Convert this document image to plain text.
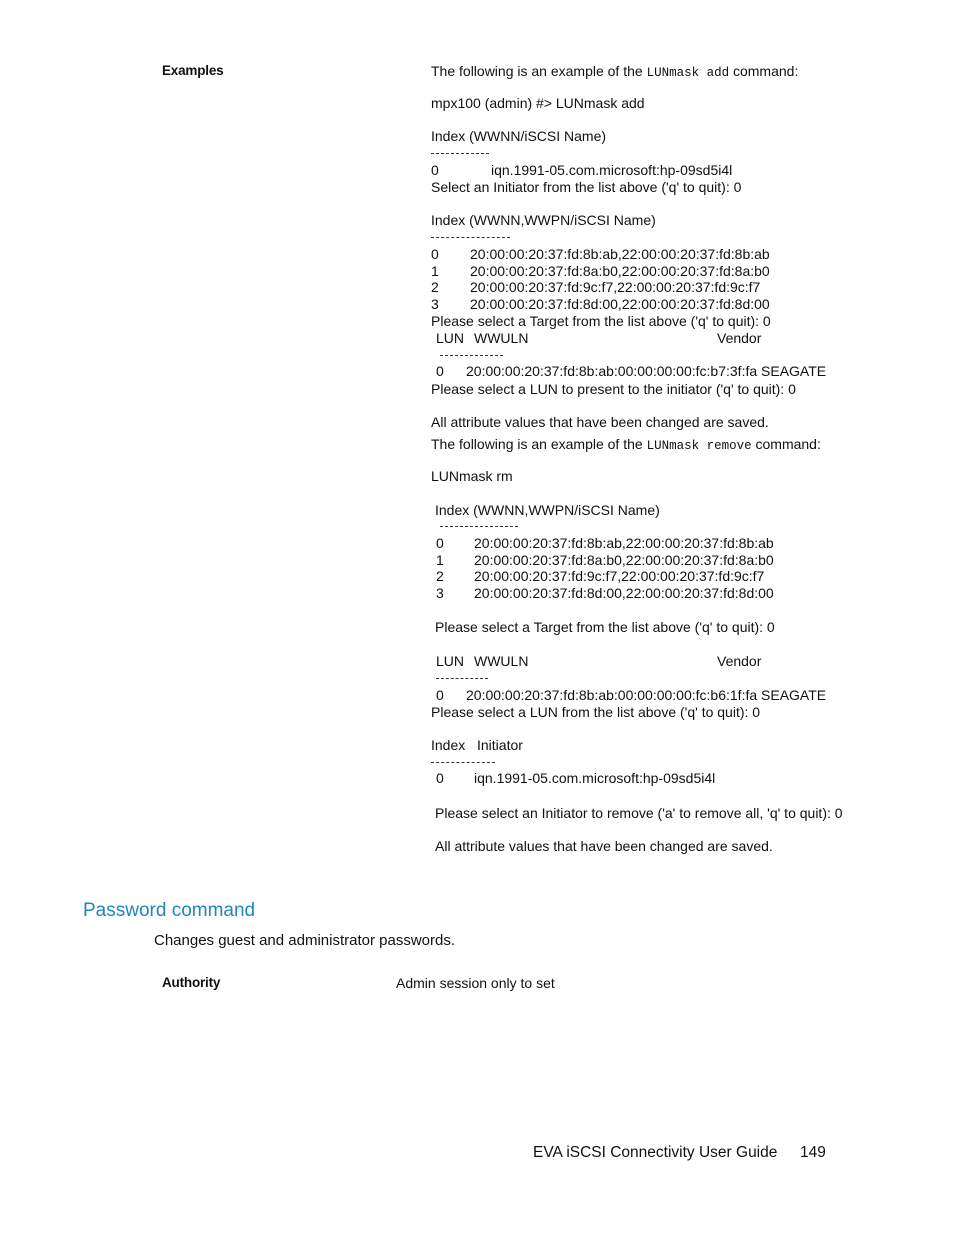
Examples	The following is an example of the LUNmask add command:
mpx100 (admin) #> LUNmask add
Index (WWNN/iSCSI Name)
0	iqn.1991-05.com.microsoft:hp-09sd5i4l
Select an Initiator from the list above ('q' to quit): 0
Index (WWNN,WWPN/iSCSI Name)
0 20:00:00:20:37:fd:8b:ab,22:00:00:20:37:fd:8b:ab
1 20:00:00:20:37:fd:8a:b0,22:00:00:20:37:fd:8a:b0
2 20:00:00:20:37:fd:9c:f7,22:00:00:20:37:fd:9c:f7
3 20:00:00:20:37:fd:8d:00,22:00:00:20:37:fd:8d:00
Please select a Target from the list above ('q' to quit): 0
LUN WWULN	Vendor
0 20:00:00:20:37:fd:8b:ab:00:00:00:00:fc:b7:3f:fa SEAGATE
Please select a LUN to present to the initiator ('q' to quit): 0
All attribute values that have been changed are saved.
The following is an example of the LUNmask remove command:
LUNmask rm
Index (WWNN,WWPN/iSCSI Name)
0 20:00:00:20:37:fd:8b:ab,22:00:00:20:37:fd:8b:ab
1 20:00:00:20:37:fd:8a:b0,22:00:00:20:37:fd:8a:b0
2 20:00:00:20:37:fd:9c:f7,22:00:00:20:37:fd:9c:f7
3 20:00:00:20:37:fd:8d:00,22:00:00:20:37:fd:8d:00
Please select a Target from the list above ('q' to quit): 0
LUN WWULN	Vendor
0 20:00:00:20:37:fd:8b:ab:00:00:00:00:fc:b6:1f:fa SEAGATE
Please select a LUN from the list above ('q' to quit): 0
Index Initiator
0 iqn.1991-05.com.microsoft:hp-09sd5i4l
Please select an Initiator to remove ('a' to remove all, 'q' to quit): 0
All attribute values that have been changed are saved.
Password command
Changes guest and administrator passwords.
Authority	Admin session only to set
EVA iSCSI Connectivity User Guide 149
